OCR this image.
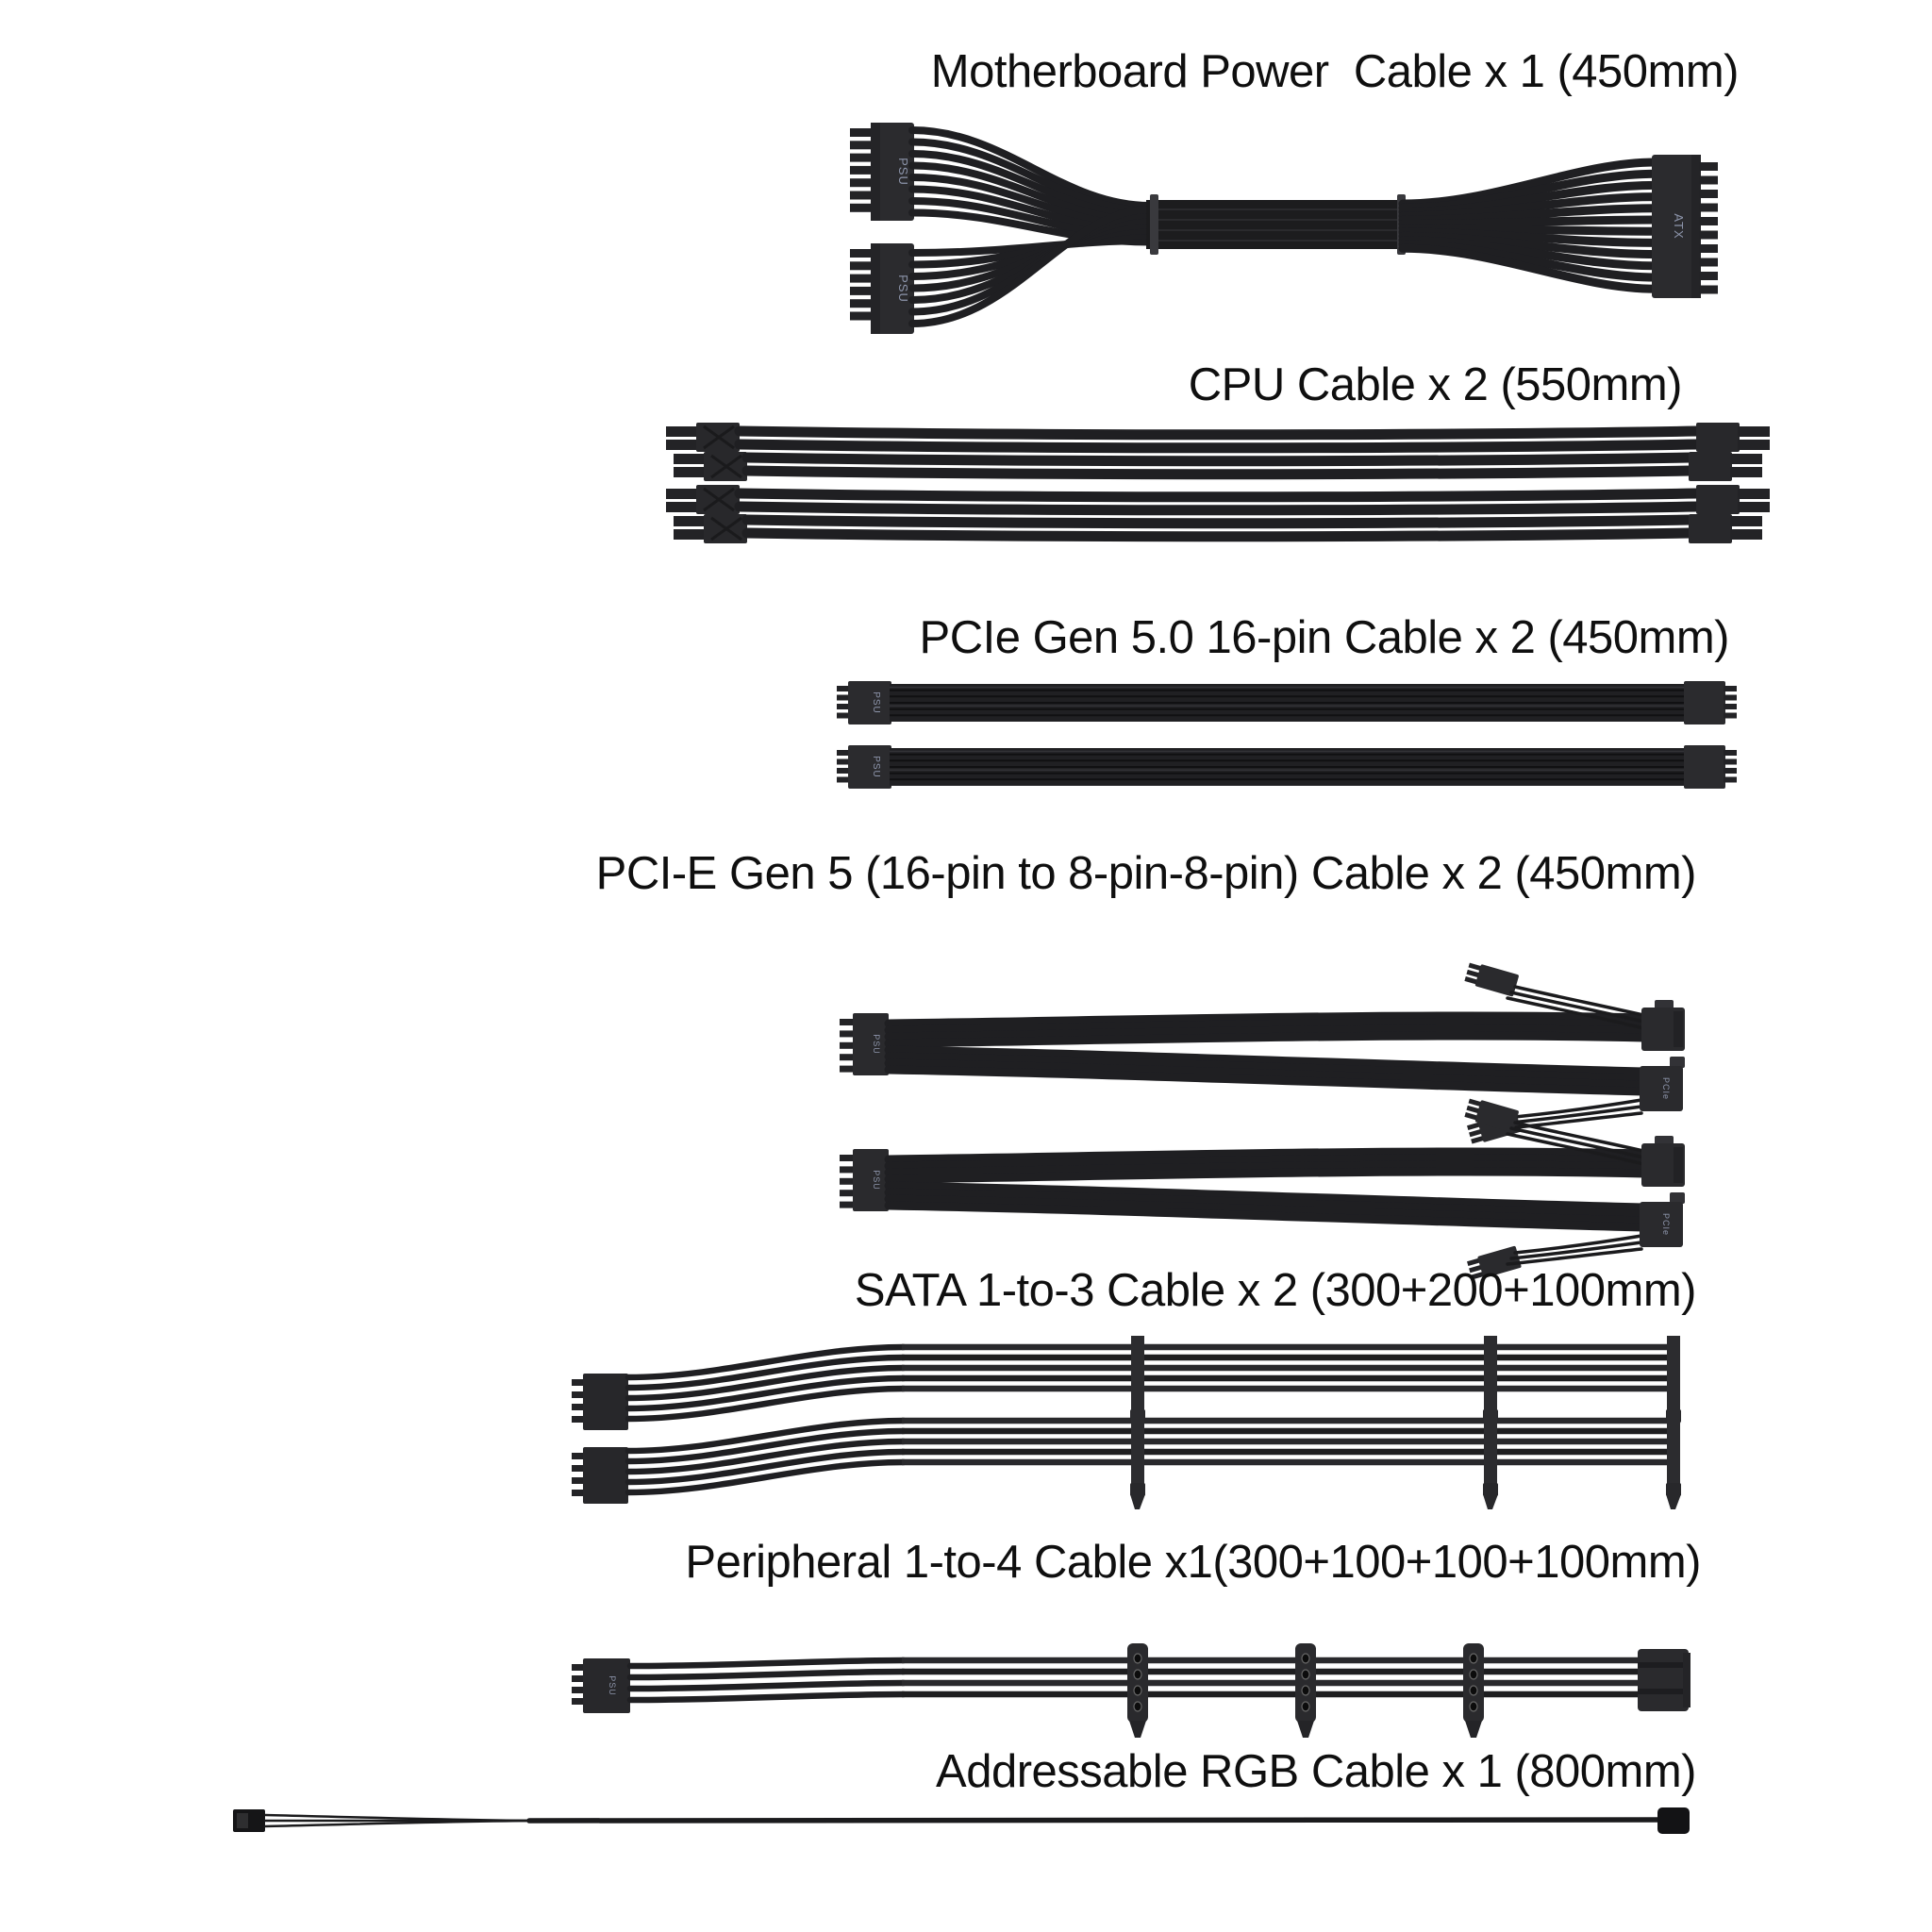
Motherboard Power  Cable x 1 (450mm)
PSU
PSU
ATX
CPU Cable x 2 (550mm)
PCIe Gen 5.0 16-pin Cable x 2 (450mm)
PSU
PSU
PCI-E Gen 5 (16-pin to 8-pin-8-pin) Cable x 2 (450mm)
PSU
PCIe
PSU
PCIe
SATA 1-to-3 Cable x 2 (300+200+100mm)
Peripheral 1-to-4 Cable x1(300+100+100+100mm)
PSU
Addressable RGB Cable x 1 (800mm)
